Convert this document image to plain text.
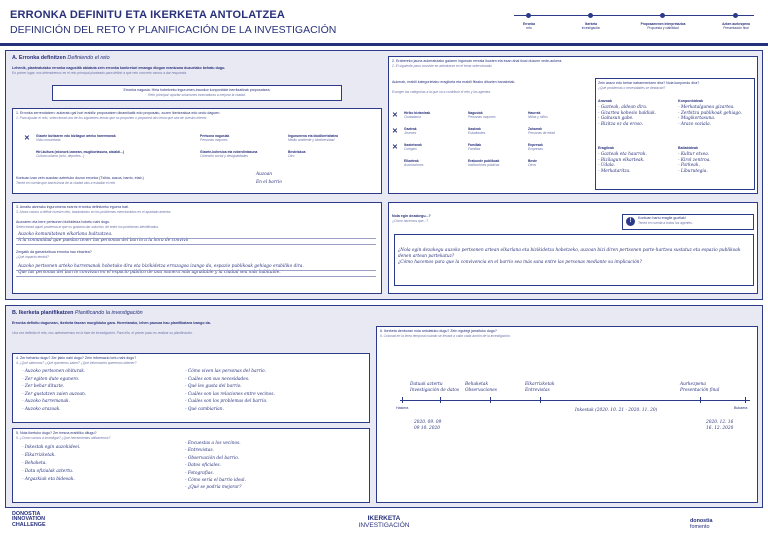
ERRONKA DEFINITU ETA IKERKETA ANTOLATZEA
DEFINICIÓN DEL RETO Y PLANIFICACIÓN DE LA INVESTIGACIÓN	Erronka
reto
Ikerketa
investigación
Proposamenen interpretazioa
Propuesta y viabilidad
Azken aurkezpena
Presentación final
A. Erronka definitzen Definiendo el reto
Lehenik, planteatutako erronka nagusitik abiatuta zein erronka konkreturi emango diogun erantzuna duzuelako behatu dugu.
En primer lugar, nos detendremos en el reto principal planteado para definir a qué reto concreto vamos a dar respuesta.
Erronka nagusia: Hiria hobetzeko ingurumen-iraunkor konponbide berritzaileak proposatzea.
Reto principal: aportar soluciones innovadoras a mejorar la ciudad.
1. Erronka zerrendatzen: aukeratu gai hori erabiliz proposatzen dinamikatik edo proposatu, zuzen ikertzeakoa edo ondo dagoen.
1. Para ajustar el reto, seleccionad uno de los siguientes temas que os proponen o proponed otro tema que sea de vuestro interés
✕ Gizarte bizitzaren edo bizilagun arteko harremanak
Vida comunitaria
Pertsona nagusiak
Personas mayores
Ingurumena eta biodibertsitatea
Medio ambiente y biodiversidad
Hiri-kultura (edonork izanean, mugikortasuna, aisialdi...)
Cultura urbana (ocio, deportes...)
Gizarte-kohesioa eta ezberdintasuna
Cohesión social y desigualdades
Bestelakoa
Otro
Kontuan izan zein auzotan aztertuko duzun erronka (Txikia, auzoa, barrio, etab.)
Tened en cuenta qué barrio/zona de la ciudad vais a estudiar el reto
Auzoan
En el barrio
2. Erabereko jauna aukeratutako gaiaren inguruan erreala ikusten eta esan ahal ikusi duzuen xede-aukera.
2. El siguiente paso consiste en adentrarse en el tema seleccionado.
Aukerak, erabili kategorietako eragiketa eta erabili fitxako dituzten banaketak.
Escoger las categorías a la que va a contribuir el reto y los agentes
✕ Hiriko biztanleak
Ciudadanía
Nagusiak
Personas mayores
Haurrak
Niñas y niños
✕ Gazteak
Jóvenes
Ikasleak
Estudiantes
Zaharrak
Personas de edad
✕ Ikastetxeak
Colegios
Familiak
Familias
Enpresak
Empresas
Elkarteak
Asociaciones
Erakunde publikoak
Instituciones públicas
Beste
Otros
Zein arazo edo behar nabarmentzen dira? Nola konpondu dira?
¿Qué problemas o necesidades se destacan?
Arazoak
- Gazteak, aldean dira.
- Gizartea kohesio baldiak.
- Gaitasun gabe.
- Bizitza ez da eroso.
Konponbideak
- Merkatalgunea gizartea.
- Zerbitzu publikoak gehiago.
- Mugikortasuna.
- Arazo soziala.
Eragileak
- Gazteak eta haurrak.
- Bizilagun elkarteak.
- Udala.
- Merkataritza.
Baliabideak
- Kultur etxea.
- Kirol zentroa.
- Parkeak.
- Liburutegia.
3. Amaitu atzerako ingurumena ezarriz erronka definitzeko egoera bati.
3. Ahora vamos a definir nuestro reto, basándonos en los problemas mencionados en el apartado anterior.
Auzoaren eta bere pertsonen bizikidetza hobetu nahi dugu.
Seleccionad aquel problema al que os gustaría dar solución, de entre los problemas identificados.
Auzoko komunitatean elkarlana bultzatzea.
A la comunidad que puedan tener las personas del barrio a la hora de convivir
Zergatik da garrantzitsua erronka hau ebaztea?
¿Qué impacto tendrá?
Auzoko pertsonen arteko harremanak hobetuko dira eta bizikidetza errazagoa izango da, espazio publikoak gehiago erabiliko dira.
Que las personas del barrio convivan en el espacio público de una manera más agradable y la ciudad sea más habitable.
Nola egin dezakegu...?
¿Cómo hacemos que...?	!	Kontuan hartu eragile guztiak!
Tened en cuenta a todos los agentes.
¿Nola egin dezakegu auzoko pertsonen artean elkarlana eta bizikidetza hobetzeko, auzoan bizi diren pertsonen parte-hartzea sustatuz eta espazio publikoak denen artean partekatuz?
¿Cómo hacemos para que la convivencia en el barrio sea más sana entre las personas mediante su implicación?
B. Ikerketa planifikatzen Planificando la investigación
Erronka definitu dugunean, ikerketa fasean murgilduko gara. Horretarako, lehen pausoa hau planifikatzea izango da.
Una vez definido el reto, nos adentraremos en la fase de investigación. Para ello, el primer paso es realizar su planificación.
4. Zer beharko dugu? Zer jakin nahi dugu? Zein informazio lortu nahi dugu?
4. ¿Qué sabemos? ¿Qué queremos saber? ¿Qué información queremos obtener?
- Auzoko pertsonen ohiturak.
- Zer egiten dute egunero.
- Zer behar dituzte.
- Zer gustatzen zaien auzoan.
- Auzoko harremanak.
- Auzoko arazoak.
- Cómo viven las personas del barrio.
- Cuáles son sus necesidades.
- Qué les gusta del barrio.
- Cuáles son las relaciones entre vecinos.
- Cuáles son los problemas del barrio.
- Qué cambiarían.
5. Nola ikertuko dugu? Zer tresna erabiliko ditugu?
5. ¿Cómo vamos a investigar? ¿Qué herramientas utilizaremos?
- Inkestak egin auzokideei.
- Elkarrizketak.
- Behaketa.
- Datu ofizialak aztertu.
- Argazkiak eta bideoak.
- Encuestas a los vecinos.
- Entrevistas.
- Observación del barrio.
- Datos oficiales.
- Fotografías.
- Cómo sería el barrio ideal.
- ¿Qué se podría mejorar?
6. Ikerketa denboran nola antolatuko dugu? Zein egutegi jarraituko dugu?
6. Colocad en la línea temporal cuándo se llevará a cabo cada acción de la investigación.
Hasiera	Bukaera
Datuak aztertu
Investigación de datos
Behaketak
Observaciones
Elkarrizketak
Entrevistas
Aurkezpena
Presentación final
Inkestak (2020. 10. 21 - 2020. 11. 20)
2020. 09. 09
09 10. 2020
2020. 12. 16
16. 12. 2020
DONOSTIA
INNOVATION
CHALLENGE
IKERKETA
INVESTIGACIÓN
donostia
fomento
